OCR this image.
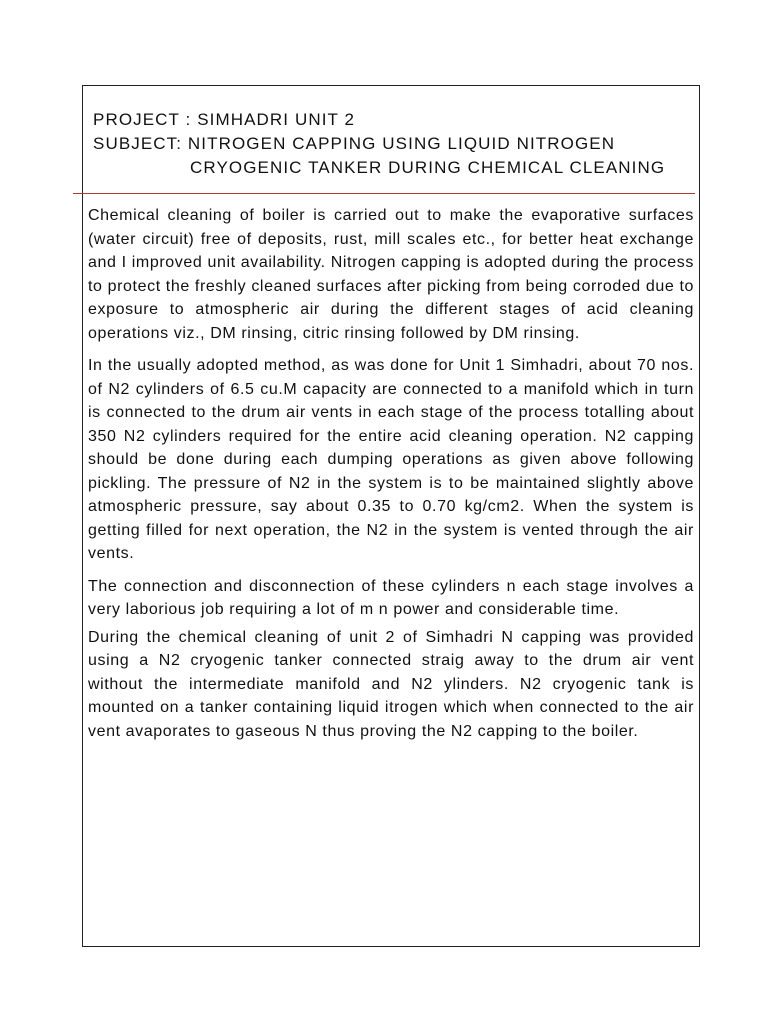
PROJECT : SIMHADRI UNIT 2
SUBJECT: NITROGEN CAPPING USING LIQUID NITROGEN
CRYOGENIC TANKER DURING CHEMICAL CLEANING

Chemical cleaning of boiler is carried out to make the evaporative surfaces (water circuit) free of deposits, rust, mill scales etc., for better heat exchange and I improved unit availability. Nitrogen capping is adopted during the process to protect the freshly cleaned surfaces after picking from being corroded due to exposure to atmospheric air during the different stages of acid cleaning operations viz., DM rinsing, citric rinsing followed by DM rinsing.

In the usually adopted method, as was done for Unit 1 Simhadri, about 70 nos. of N2 cylinders of 6.5 cu.M capacity are connected to a manifold which in turn is connected to the drum air vents in each stage of the process totalling about 350 N2 cylinders required for the entire acid cleaning operation. N2 capping should be done during each dumping operations as given above following pickling. The pressure of N2 in the system is to be maintained slightly above atmospheric pressure, say about 0.35 to 0.70 kg/cm2. When the system is getting filled for next operation, the N2 in the system is vented through the air vents.

The connection and disconnection of these cylinders n each stage involves a very laborious job requiring a lot of m n power and considerable time.

During the chemical cleaning of unit 2 of Simhadri N capping was provided using a N2 cryogenic tanker connected straig away to the drum air vent without the intermediate manifold and N2 ylinders. N2 cryogenic tank is mounted on a tanker containing liquid itrogen which when connected to the air vent avaporates to gaseous N thus proving the N2 capping to the boiler.
